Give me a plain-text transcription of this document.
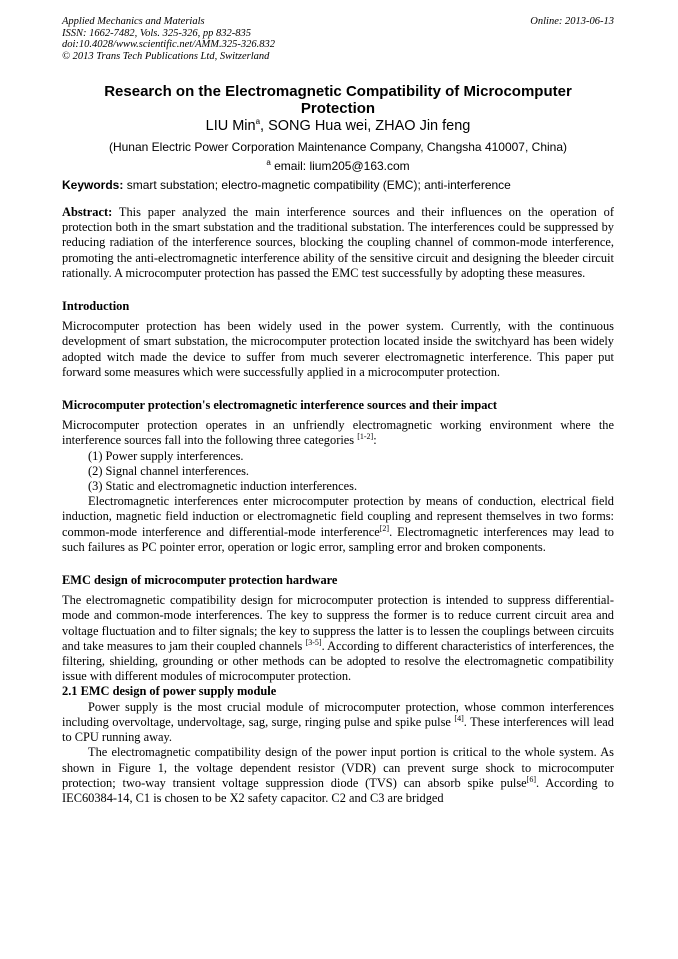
Applied Mechanics and Materials	Online: 2013-06-13
ISSN: 1662-7482, Vols. 325-326, pp 832-835
doi:10.4028/www.scientific.net/AMM.325-326.832
© 2013 Trans Tech Publications Ltd, Switzerland
Research on the Electromagnetic Compatibility of Microcomputer
Protection
LIU Min$^a$, SONG Hua wei, ZHAO Jin feng
(Hunan Electric Power Corporation Maintenance Company, Changsha 410007, China)
$^a$ email: lium205@163.com
Keywords: smart substation; electro-magnetic compatibility (EMC); anti-interference

Abstract: This paper analyzed the main interference sources and their influences on the operation of protection both in the smart substation and the traditional substation. The interferences could be suppressed by reducing radiation of the interference sources, blocking the coupling channel of common-mode interference, promoting the anti-electromagnetic interference ability of the sensitive circuit and designing the bleeder circuit rationally. A microcomputer protection has passed the EMC test successfully by adopting these measures.

Introduction

Microcomputer protection has been widely used in the power system. Currently, with the continuous development of smart substation, the microcomputer protection located inside the switchyard has been widely adopted witch made the device to suffer from much severer electromagnetic interference. This paper put forward some measures which were successfully applied in a microcomputer protection.

Microcomputer protection's electromagnetic interference sources and their impact

Microcomputer protection operates in an unfriendly electromagnetic working environment where the interference sources fall into the following three categories [1-2]:

(1) Power supply interferences.

(2) Signal channel interferences.

(3) Static and electromagnetic induction interferences.

Electromagnetic interferences enter microcomputer protection by means of conduction, electrical field induction, magnetic field induction or electromagnetic field coupling and represent themselves in two forms: common-mode interference and differential-mode interference[2]. Electromagnetic interferences may lead to such failures as PC pointer error, operation or logic error, sampling error and broken components.

EMC design of microcomputer protection hardware

The electromagnetic compatibility design for microcomputer protection is intended to suppress differential-mode and common-mode interferences. The key to suppress the former is to reduce current circuit area and voltage fluctuation and to filter signals; the key to suppress the latter is to lessen the couplings between circuits and take measures to jam their coupled channels [3-5]. According to different characteristics of interferences, the filtering, shielding, grounding or other methods can be adopted to resolve the electromagnetic compatibility issue with different modules of microcomputer protection.

2.1 EMC design of power supply module

Power supply is the most crucial module of microcomputer protection, whose common interferences including overvoltage, undervoltage, sag, surge, ringing pulse and spike pulse [4]. These interferences will lead to CPU running away.

The electromagnetic compatibility design of the power input portion is critical to the whole system. As shown in Figure 1, the voltage dependent resistor (VDR) can prevent surge shock to microcomputer protection; two-way transient voltage suppression diode (TVS) can absorb spike pulse[6]. According to IEC60384-14, C1 is chosen to be X2 safety capacitor. C2 and C3 are bridged
